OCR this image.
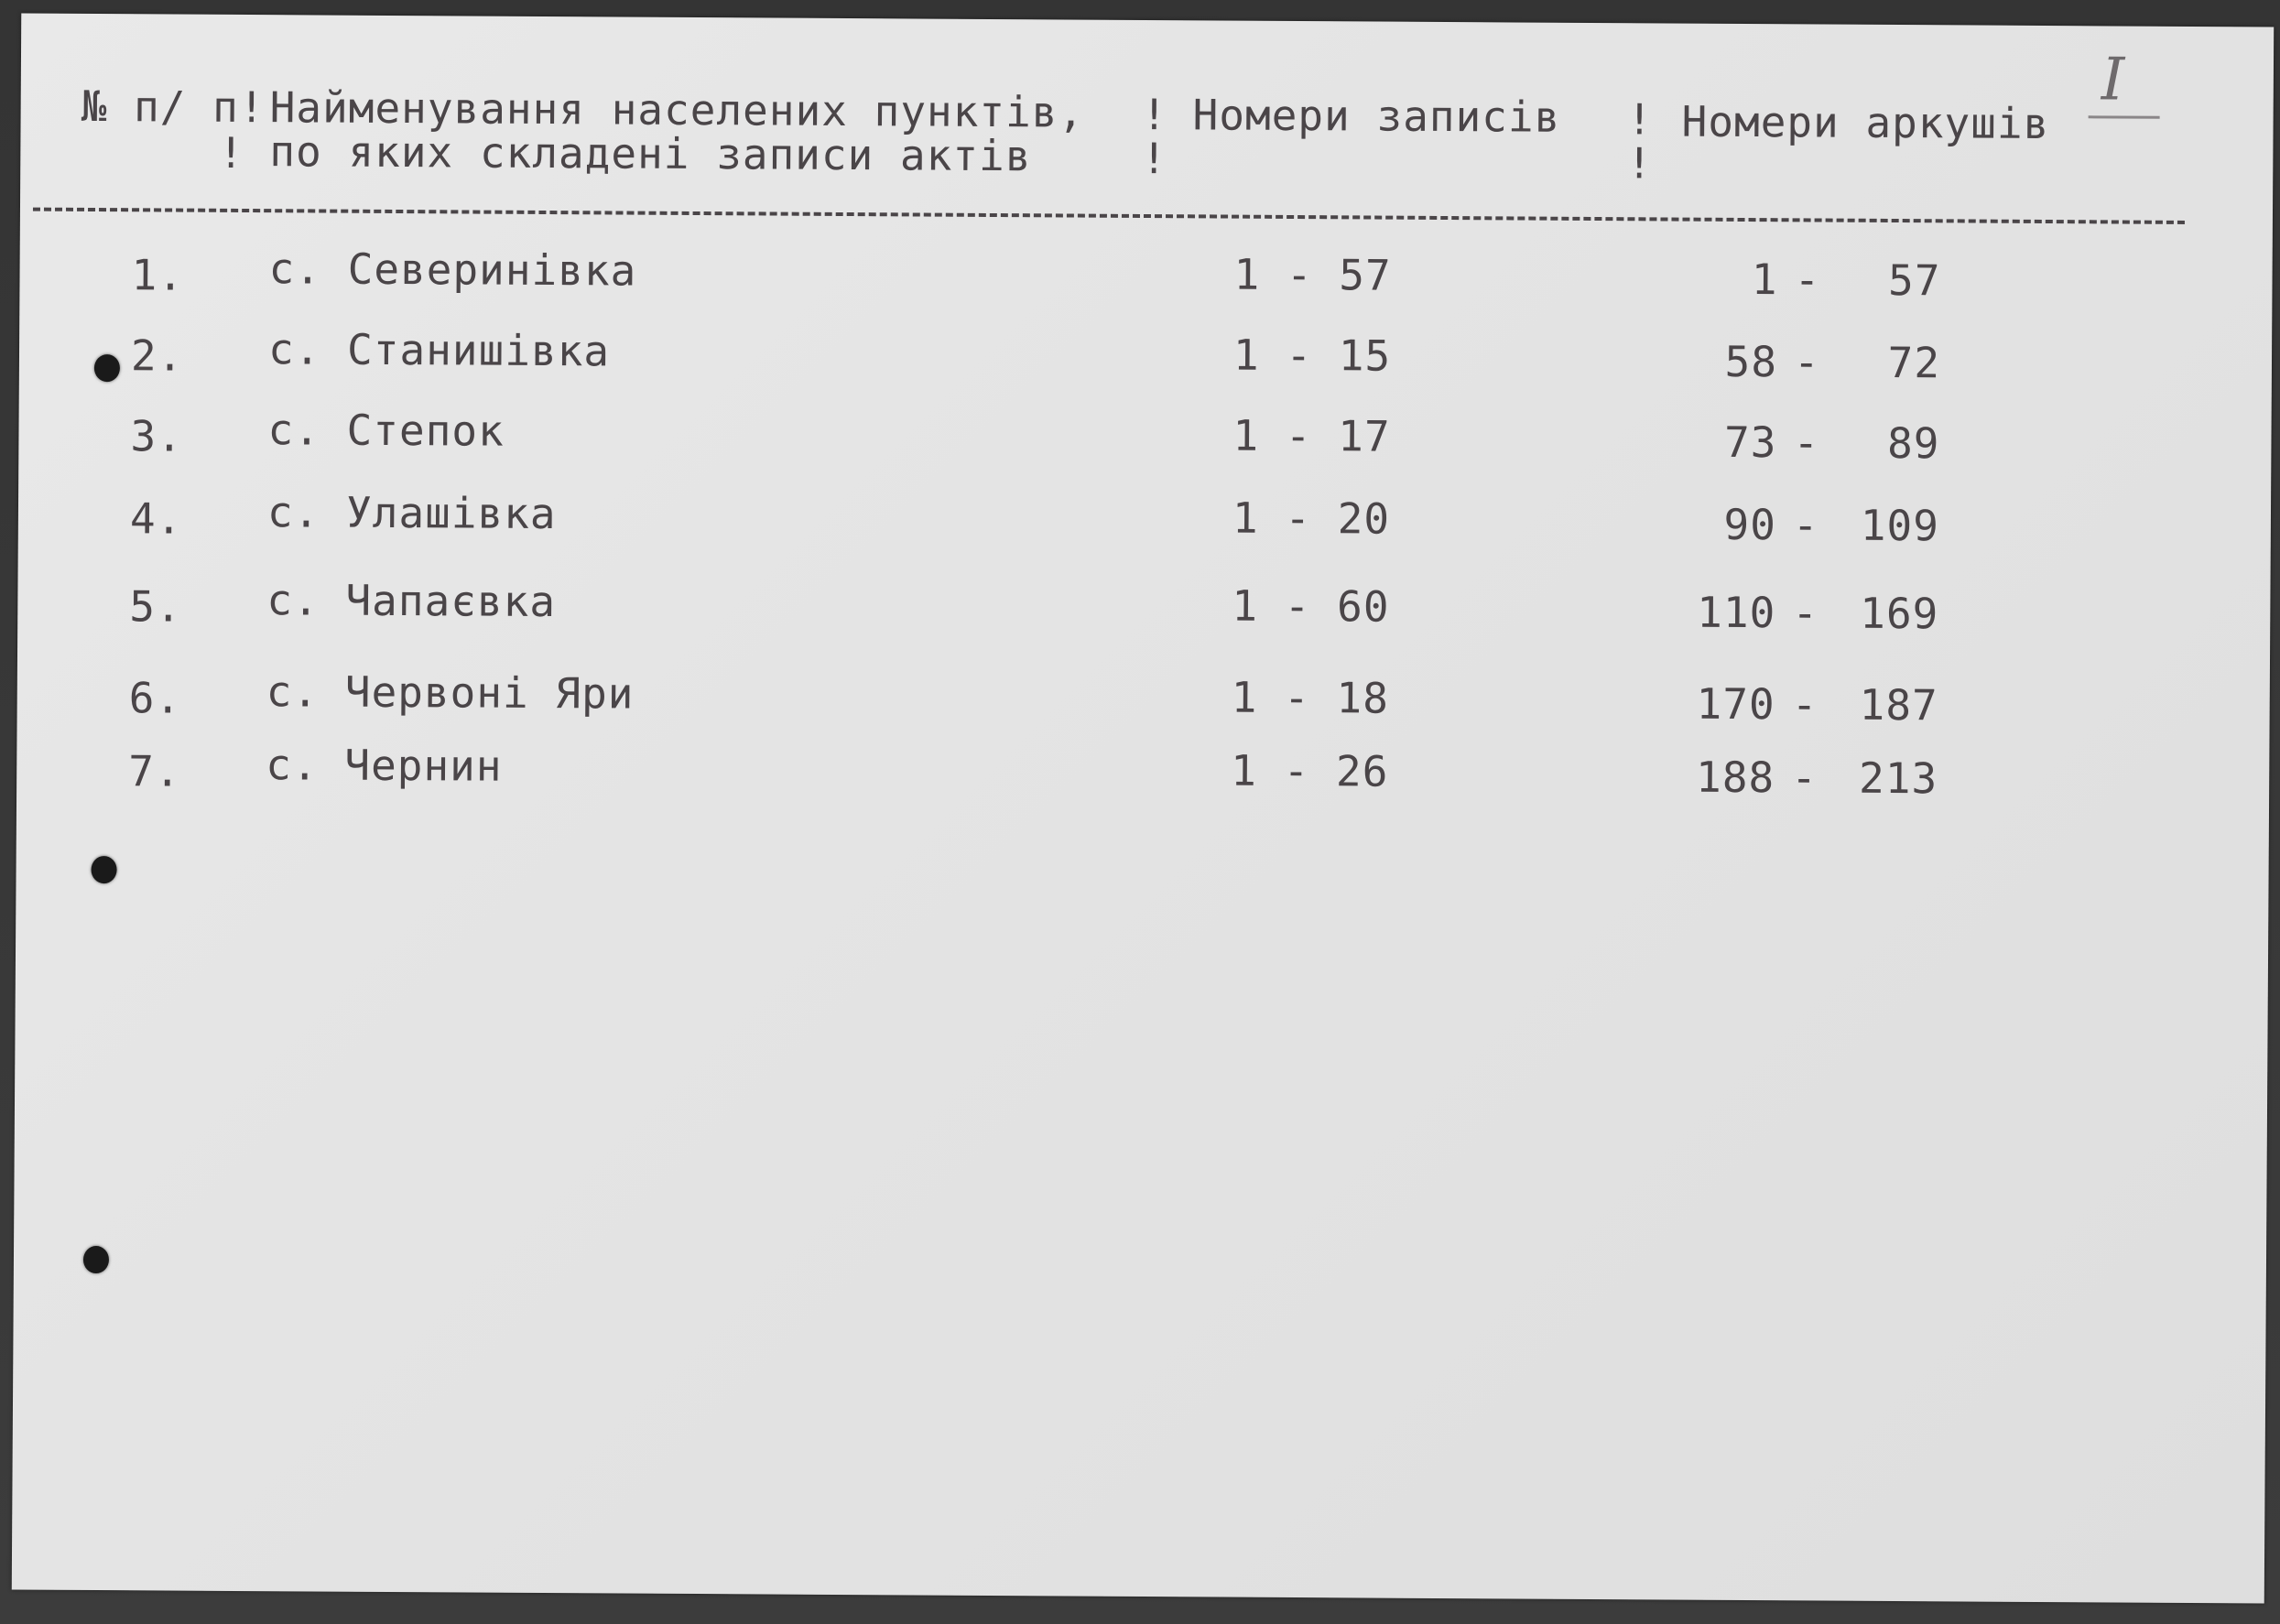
I
№ п/ п!
!
Найменування населених пунктів,
по яких складені записи актів
!
!
Номери записів !
!
Номери аркушів
1. с. Северинівка	1 - 57	1 -	57
2. с. Станишівка	1 - 15	58 -	72
3. с. Степок	1 - 17	73 -	89
4. с. Улашівка	1 - 20	90 - 109
5. с. Чапаєвка	1 - 60	110 - 169
6. с. Червоні Яри	1 - 18	170 - 187
7. с. Чернин	1 - 26	188 - 213
